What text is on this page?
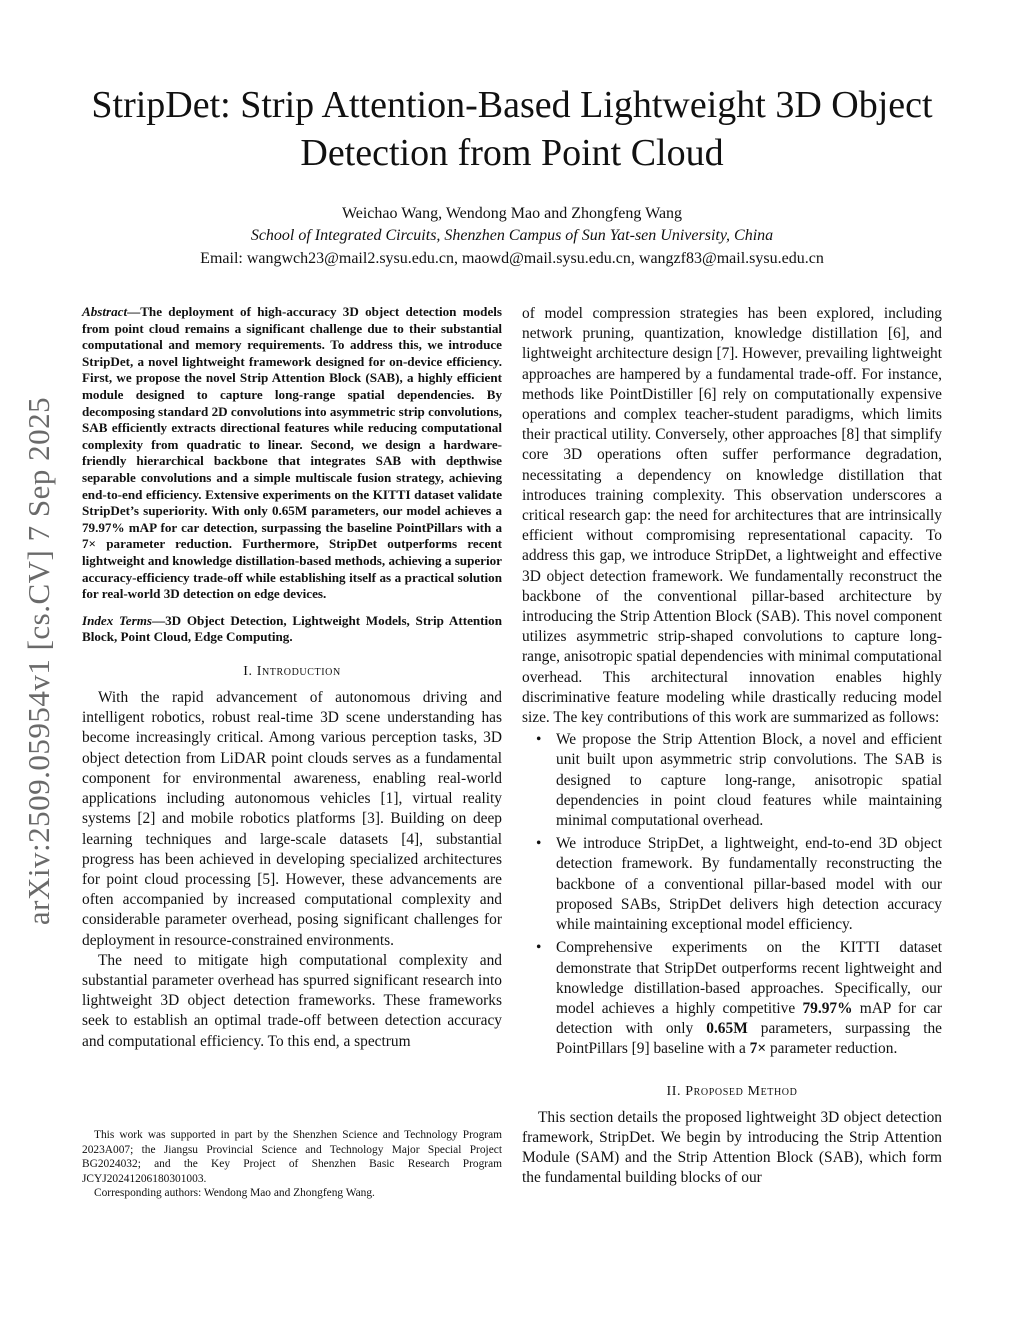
arXiv:2509.05954v1 [cs.CV] 7 Sep 2025
StripDet: Strip Attention-Based Lightweight 3D Object Detection from Point Cloud
Weichao Wang, Wendong Mao and Zhongfeng Wang
School of Integrated Circuits, Shenzhen Campus of Sun Yat-sen University, China
Email: wangwch23@mail2.sysu.edu.cn, maowd@mail.sysu.edu.cn, wangzf83@mail.sysu.edu.cn

Abstract—The deployment of high-accuracy 3D object detection models from point cloud remains a significant challenge due to their substantial computational and memory requirements. To address this, we introduce StripDet, a novel lightweight framework designed for on-device efficiency. First, we propose the novel Strip Attention Block (SAB), a highly efficient module designed to capture long-range spatial dependencies. By decomposing standard 2D convolutions into asymmetric strip convolutions, SAB efficiently extracts directional features while reducing computational complexity from quadratic to linear. Second, we design a hardware-friendly hierarchical backbone that integrates SAB with depthwise separable convolutions and a simple multiscale fusion strategy, achieving end-to-end efficiency. Extensive experiments on the KITTI dataset validate StripDet’s superiority. With only 0.65M parameters, our model achieves a 79.97% mAP for car detection, surpassing the baseline PointPillars with a 7× parameter reduction. Furthermore, StripDet outperforms recent lightweight and knowledge distillation-based methods, achieving a superior accuracy-efficiency trade-off while establishing itself as a practical solution for real-world 3D detection on edge devices.

Index Terms—3D Object Detection, Lightweight Models, Strip Attention Block, Point Cloud, Edge Computing.

I. Introduction

With the rapid advancement of autonomous driving and intelligent robotics, robust real-time 3D scene understanding has become increasingly critical. Among various perception tasks, 3D object detection from LiDAR point clouds serves as a fundamental component for environmental awareness, enabling real-world applications including autonomous vehicles [1], virtual reality systems [2] and mobile robotics platforms [3]. Building on deep learning techniques and large-scale datasets [4], substantial progress has been achieved in developing specialized architectures for point cloud processing [5]. However, these advancements are often accompanied by increased computational complexity and considerable parameter overhead, posing significant challenges for deployment in resource-constrained environments.

The need to mitigate high computational complexity and substantial parameter overhead has spurred significant research into lightweight 3D object detection frameworks. These frameworks seek to establish an optimal trade-off between detection accuracy and computational efficiency. To this end, a spectrum

This work was supported in part by the Shenzhen Science and Technology Program 2023A007; the Jiangsu Provincial Science and Technology Major Special Project BG2024032; and the Key Project of Shenzhen Basic Research Program JCYJ20241206180301003.

Corresponding authors: Wendong Mao and Zhongfeng Wang.

of model compression strategies has been explored, including network pruning, quantization, knowledge distillation [6], and lightweight architecture design [7]. However, prevailing lightweight approaches are hampered by a fundamental trade-off. For instance, methods like PointDistiller [6] rely on computationally expensive operations and complex teacher-student paradigms, which limits their practical utility. Conversely, other approaches [8] that simplify core 3D operations often suffer performance degradation, necessitating a dependency on knowledge distillation that introduces training complexity. This observation underscores a critical research gap: the need for architectures that are intrinsically efficient without compromising representational capacity. To address this gap, we introduce StripDet, a lightweight and effective 3D object detection framework. We fundamentally reconstruct the backbone of the conventional pillar-based architecture by introducing the Strip Attention Block (SAB). This novel component utilizes asymmetric strip-shaped convolutions to capture long-range, anisotropic spatial dependencies with minimal computational overhead. This architectural innovation enables highly discriminative feature modeling while drastically reducing model size. The key contributions of this work are summarized as follows:

• We propose the Strip Attention Block, a novel and efficient unit built upon asymmetric strip convolutions. The SAB is designed to capture long-range, anisotropic spatial dependencies in point cloud features while maintaining minimal computational overhead.
• We introduce StripDet, a lightweight, end-to-end 3D object detection framework. By fundamentally reconstructing the backbone of a conventional pillar-based model with our proposed SABs, StripDet delivers high detection accuracy while maintaining exceptional model efficiency.
• Comprehensive experiments on the KITTI dataset demonstrate that StripDet outperforms recent lightweight and knowledge distillation-based approaches. Specifically, our model achieves a highly competitive 79.97% mAP for car detection with only 0.65M parameters, surpassing the PointPillars [9] baseline with a 7× parameter reduction.
II. Proposed Method

This section details the proposed lightweight 3D object detection framework, StripDet. We begin by introducing the Strip Attention Module (SAM) and the Strip Attention Block (SAB), which form the fundamental building blocks of our
